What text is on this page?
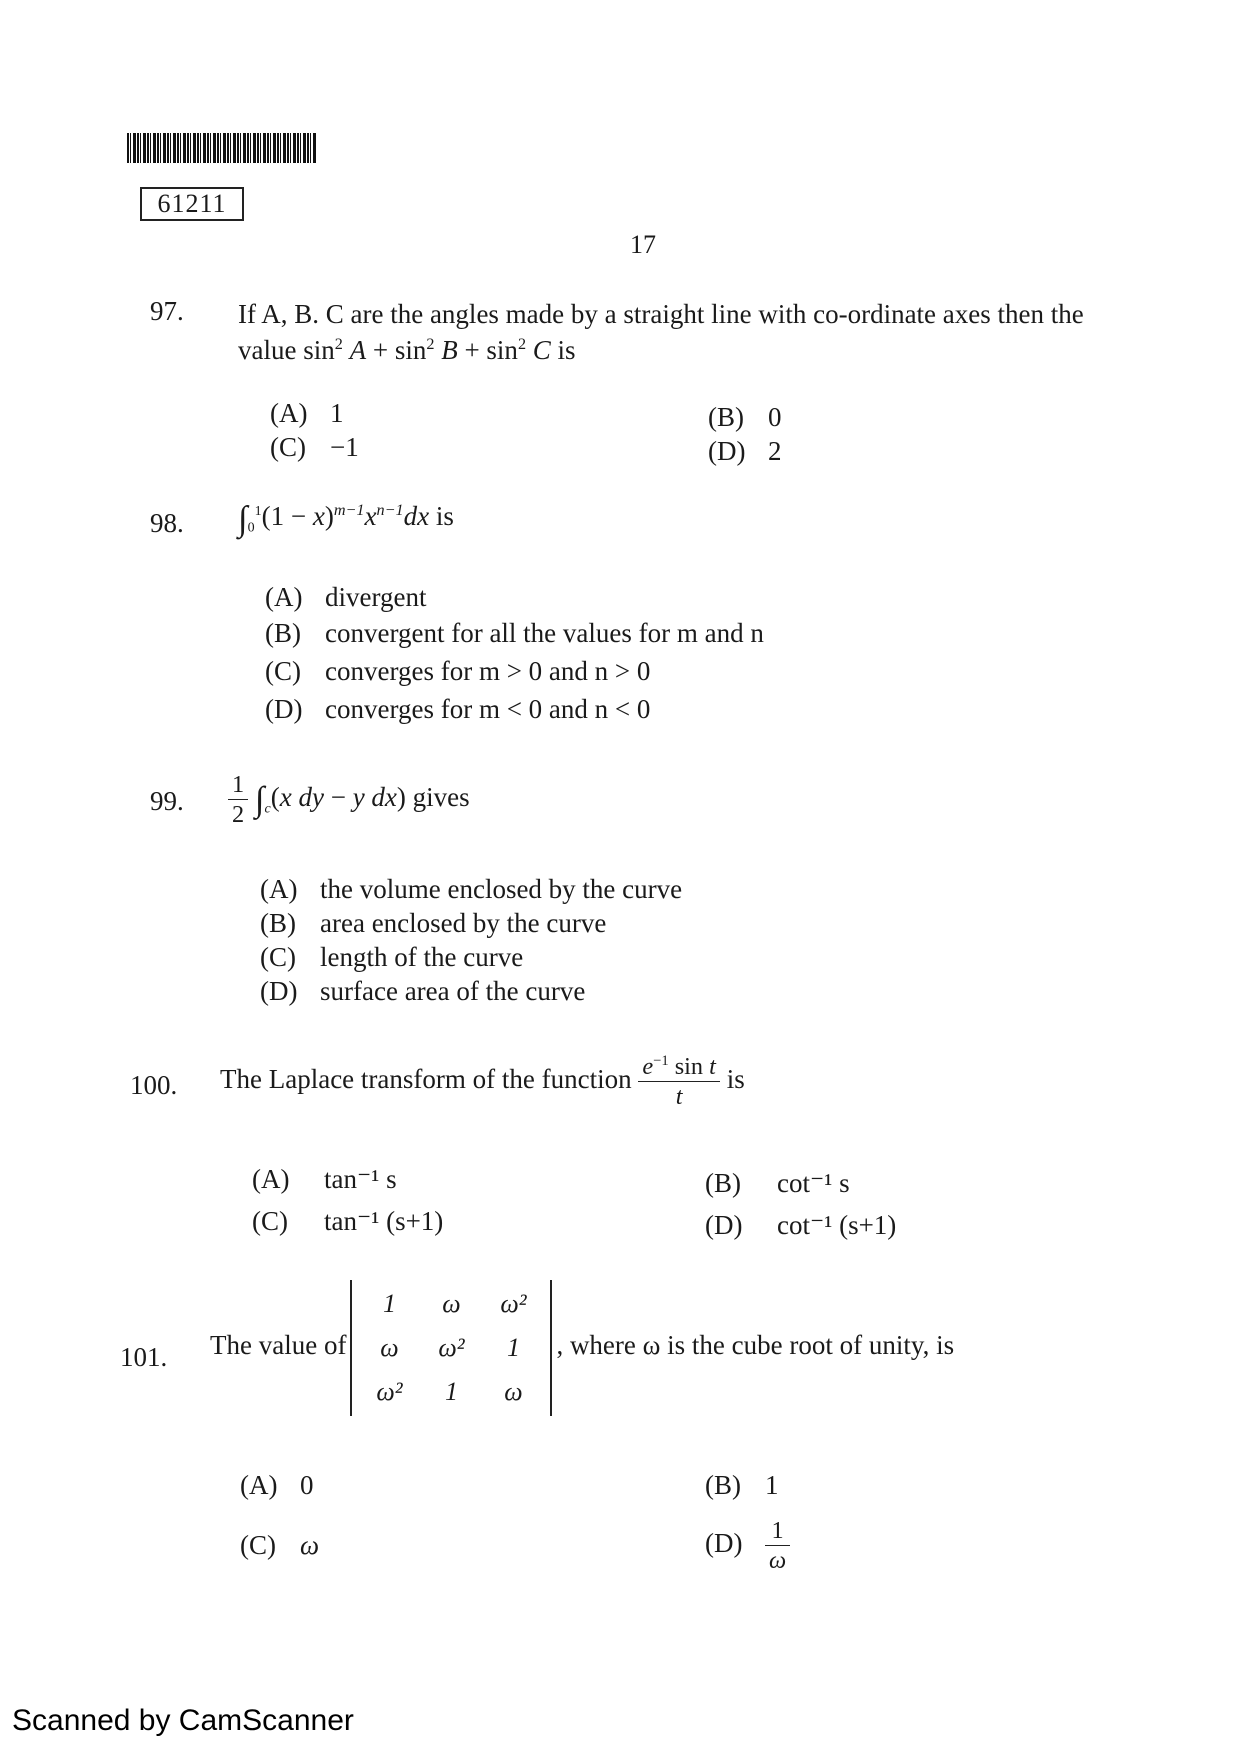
61211
17
97. If A, B. C are the angles made by a straight line with co-ordinate axes then the
value $\sin^2 A + \sin^2 B + \sin^2 C$ is
(A) 1	(B) 0
(C) −1	(D) 2
98. $\int_0^1(1 - x)^{m-1}x^{n-1}dx$ is
(A) divergent
(B) convergent for all the values for m and n
(C) converges for m > 0 and n > 0
(D) converges for m < 0 and n < 0
99. $\frac{1}{2} \int_c(x$ dy − y dx) gives
(A) the volume enclosed by the curve
(B) area enclosed by the curve
(C) length of the curve
(D) surface area of the curve
100. The Laplace transform of the function $\frac{e^{-1} \sin t}{t}$ is
(A) tan⁻¹ s	(B) cot⁻¹ s
(C) tan⁻¹ (s+1)	(D) cot⁻¹ (s+1)
101. The value of
1	ω	ω²
ω	ω²	1
ω²	1	ω
, where ω is the cube root of unity, is
(A) 0	(B) 1
(C) ω	$(D) \frac{1}{\omega}$
Scanned by CamScanner
